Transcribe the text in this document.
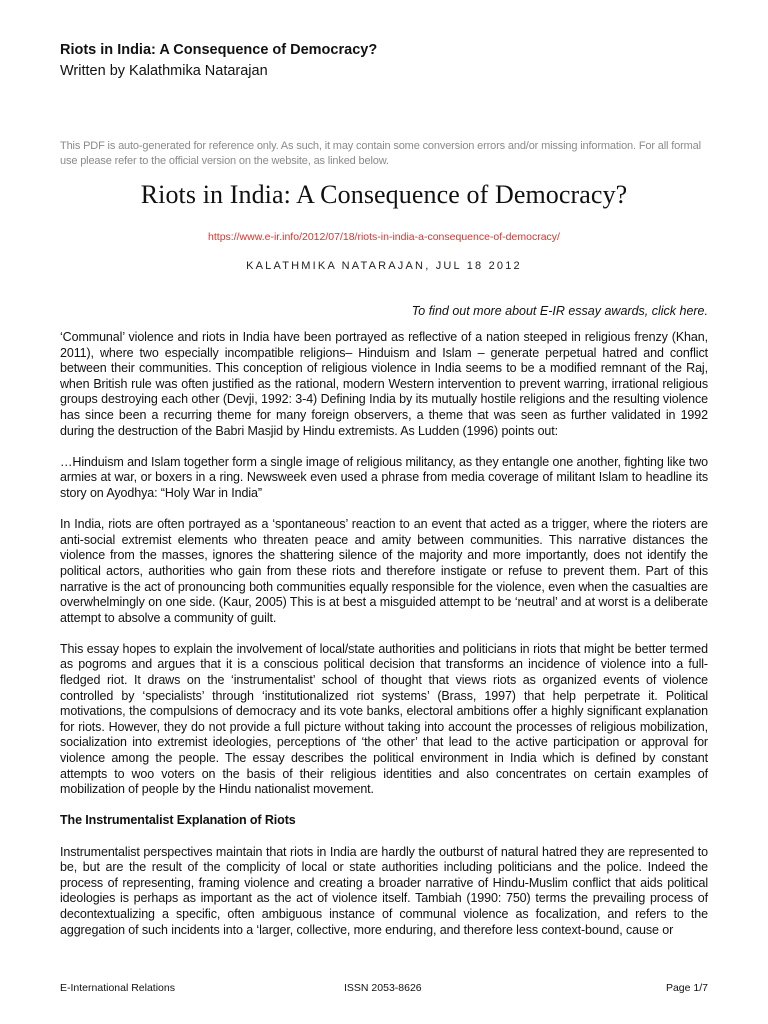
Riots in India: A Consequence of Democracy?
Written by Kalathmika Natarajan
This PDF is auto-generated for reference only. As such, it may contain some conversion errors and/or missing information. For all formal use please refer to the official version on the website, as linked below.
Riots in India: A Consequence of Democracy?
https://www.e-ir.info/2012/07/18/riots-in-india-a-consequence-of-democracy/
KALATHMIKA NATARAJAN, JUL 18 2012
To find out more about E-IR essay awards, click here.

‘Communal’ violence and riots in India have been portrayed as reflective of a nation steeped in religious frenzy (Khan, 2011), where two especially incompatible religions– Hinduism and Islam – generate perpetual hatred and conflict between their communities. This conception of religious violence in India seems to be a modified remnant of the Raj, when British rule was often justified as the rational, modern Western intervention to prevent warring, irrational religious groups destroying each other (Devji, 1992: 3-4) Defining India by its mutually hostile religions and the resulting violence has since been a recurring theme for many foreign observers, a theme that was seen as further validated in 1992 during the destruction of the Babri Masjid by Hindu extremists. As Ludden (1996) points out:

…Hinduism and Islam together form a single image of religious militancy, as they entangle one another, fighting like two armies at war, or boxers in a ring. Newsweek even used a phrase from media coverage of militant Islam to headline its story on Ayodhya: “Holy War in India”

In India, riots are often portrayed as a ‘spontaneous’ reaction to an event that acted as a trigger, where the rioters are anti-social extremist elements who threaten peace and amity between communities. This narrative distances the violence from the masses, ignores the shattering silence of the majority and more importantly, does not identify the political actors, authorities who gain from these riots and therefore instigate or refuse to prevent them. Part of this narrative is the act of pronouncing both communities equally responsible for the violence, even when the casualties are overwhelmingly on one side. (Kaur, 2005) This is at best a misguided attempt to be ‘neutral’ and at worst is a deliberate attempt to absolve a community of guilt.

This essay hopes to explain the involvement of local/state authorities and politicians in riots that might be better termed as pogroms and argues that it is a conscious political decision that transforms an incidence of violence into a full-fledged riot. It draws on the ‘instrumentalist’ school of thought that views riots as organized events of violence controlled by ‘specialists’ through ‘institutionalized riot systems’ (Brass, 1997) that help perpetrate it. Political motivations, the compulsions of democracy and its vote banks, electoral ambitions offer a highly significant explanation for riots. However, they do not provide a full picture without taking into account the processes of religious mobilization, socialization into extremist ideologies, perceptions of ‘the other’ that lead to the active participation or approval for violence among the people. The essay describes the political environment in India which is defined by constant attempts to woo voters on the basis of their religious identities and also concentrates on certain examples of mobilization of people by the Hindu nationalist movement.

The Instrumentalist Explanation of Riots

Instrumentalist perspectives maintain that riots in India are hardly the outburst of natural hatred they are represented to be, but are the result of the complicity of local or state authorities including politicians and the police. Indeed the process of representing, framing violence and creating a broader narrative of Hindu-Muslim conflict that aids political ideologies is perhaps as important as the act of violence itself. Tambiah (1990: 750) terms the prevailing process of decontextualizing a specific, often ambiguous instance of communal violence as focalization, and refers to the aggregation of such incidents into a ‘larger, collective, more enduring, and therefore less context-bound, cause or

E-International Relations	ISSN 2053-8626	Page 1/7
